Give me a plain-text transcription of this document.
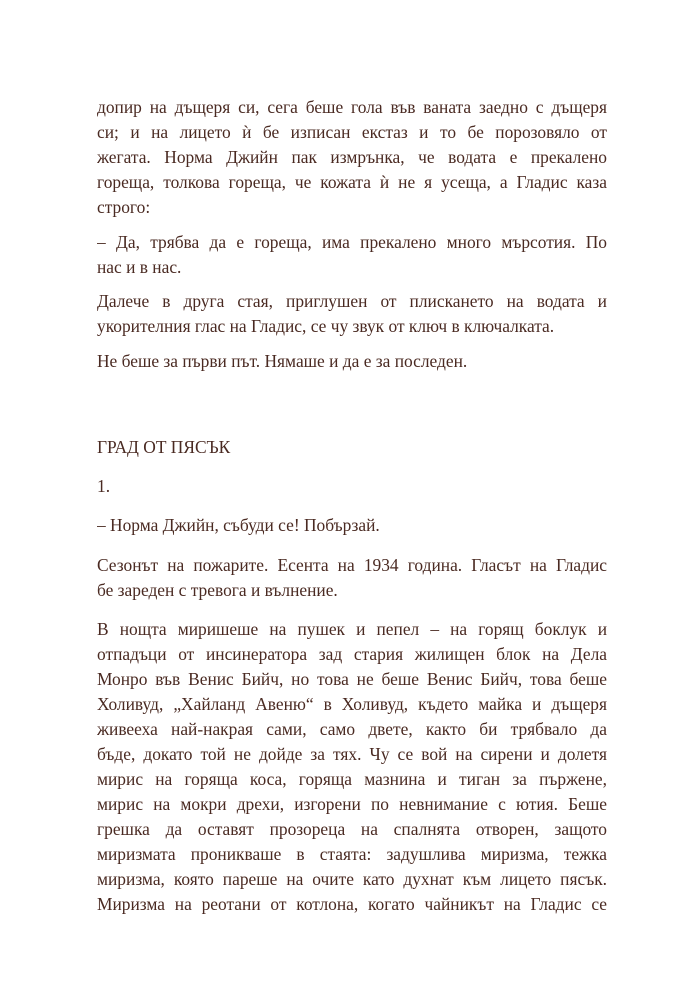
допир на дъщеря си, сега беше гола във ваната заедно с дъщеря
си; и на лицето ѝ бе изписан екстаз и то бе порозовяло от
жегата. Норма Джийн пак измрънка, че водата е прекалено
гореща, толкова гореща, че кожата ѝ не я усеща, а Гладис каза
строго:
– Да, трябва да е гореща, има прекалено много мърсотия. По
нас и в нас.
Далече в друга стая, приглушен от плискането на водата и
укорителния глас на Гладис, се чу звук от ключ в ключалката.
Не беше за първи път. Нямаше и да е за последен.
ГРАД ОТ ПЯСЪК
1.
– Норма Джийн, събуди се! Побързай.
Сезонът на пожарите. Есента на 1934 година. Гласът на Гладис
бе зареден с тревога и вълнение.
В нощта миришеше на пушек и пепел – на горящ боклук и
отпадъци от инсинератора зад стария жилищен блок на Дела
Монро във Венис Бийч, но това не беше Венис Бийч, това беше
Холивуд, „Хайланд Авеню“ в Холивуд, където майка и дъщеря
живееха най-накрая сами, само двете, както би трябвало да
бъде, докато той не дойде за тях. Чу се вой на сирени и долетя
мирис на горяща коса, горяща мазнина и тиган за пържене,
мирис на мокри дрехи, изгорени по невнимание с ютия. Беше
грешка да оставят прозореца на спалнята отворен, защото
миризмата проникваше в стаята: задушлива миризма, тежка
миризма, която пареше на очите като духнат към лицето пясък.
Миризма на реотани от котлона, когато чайникът на Гладис се
